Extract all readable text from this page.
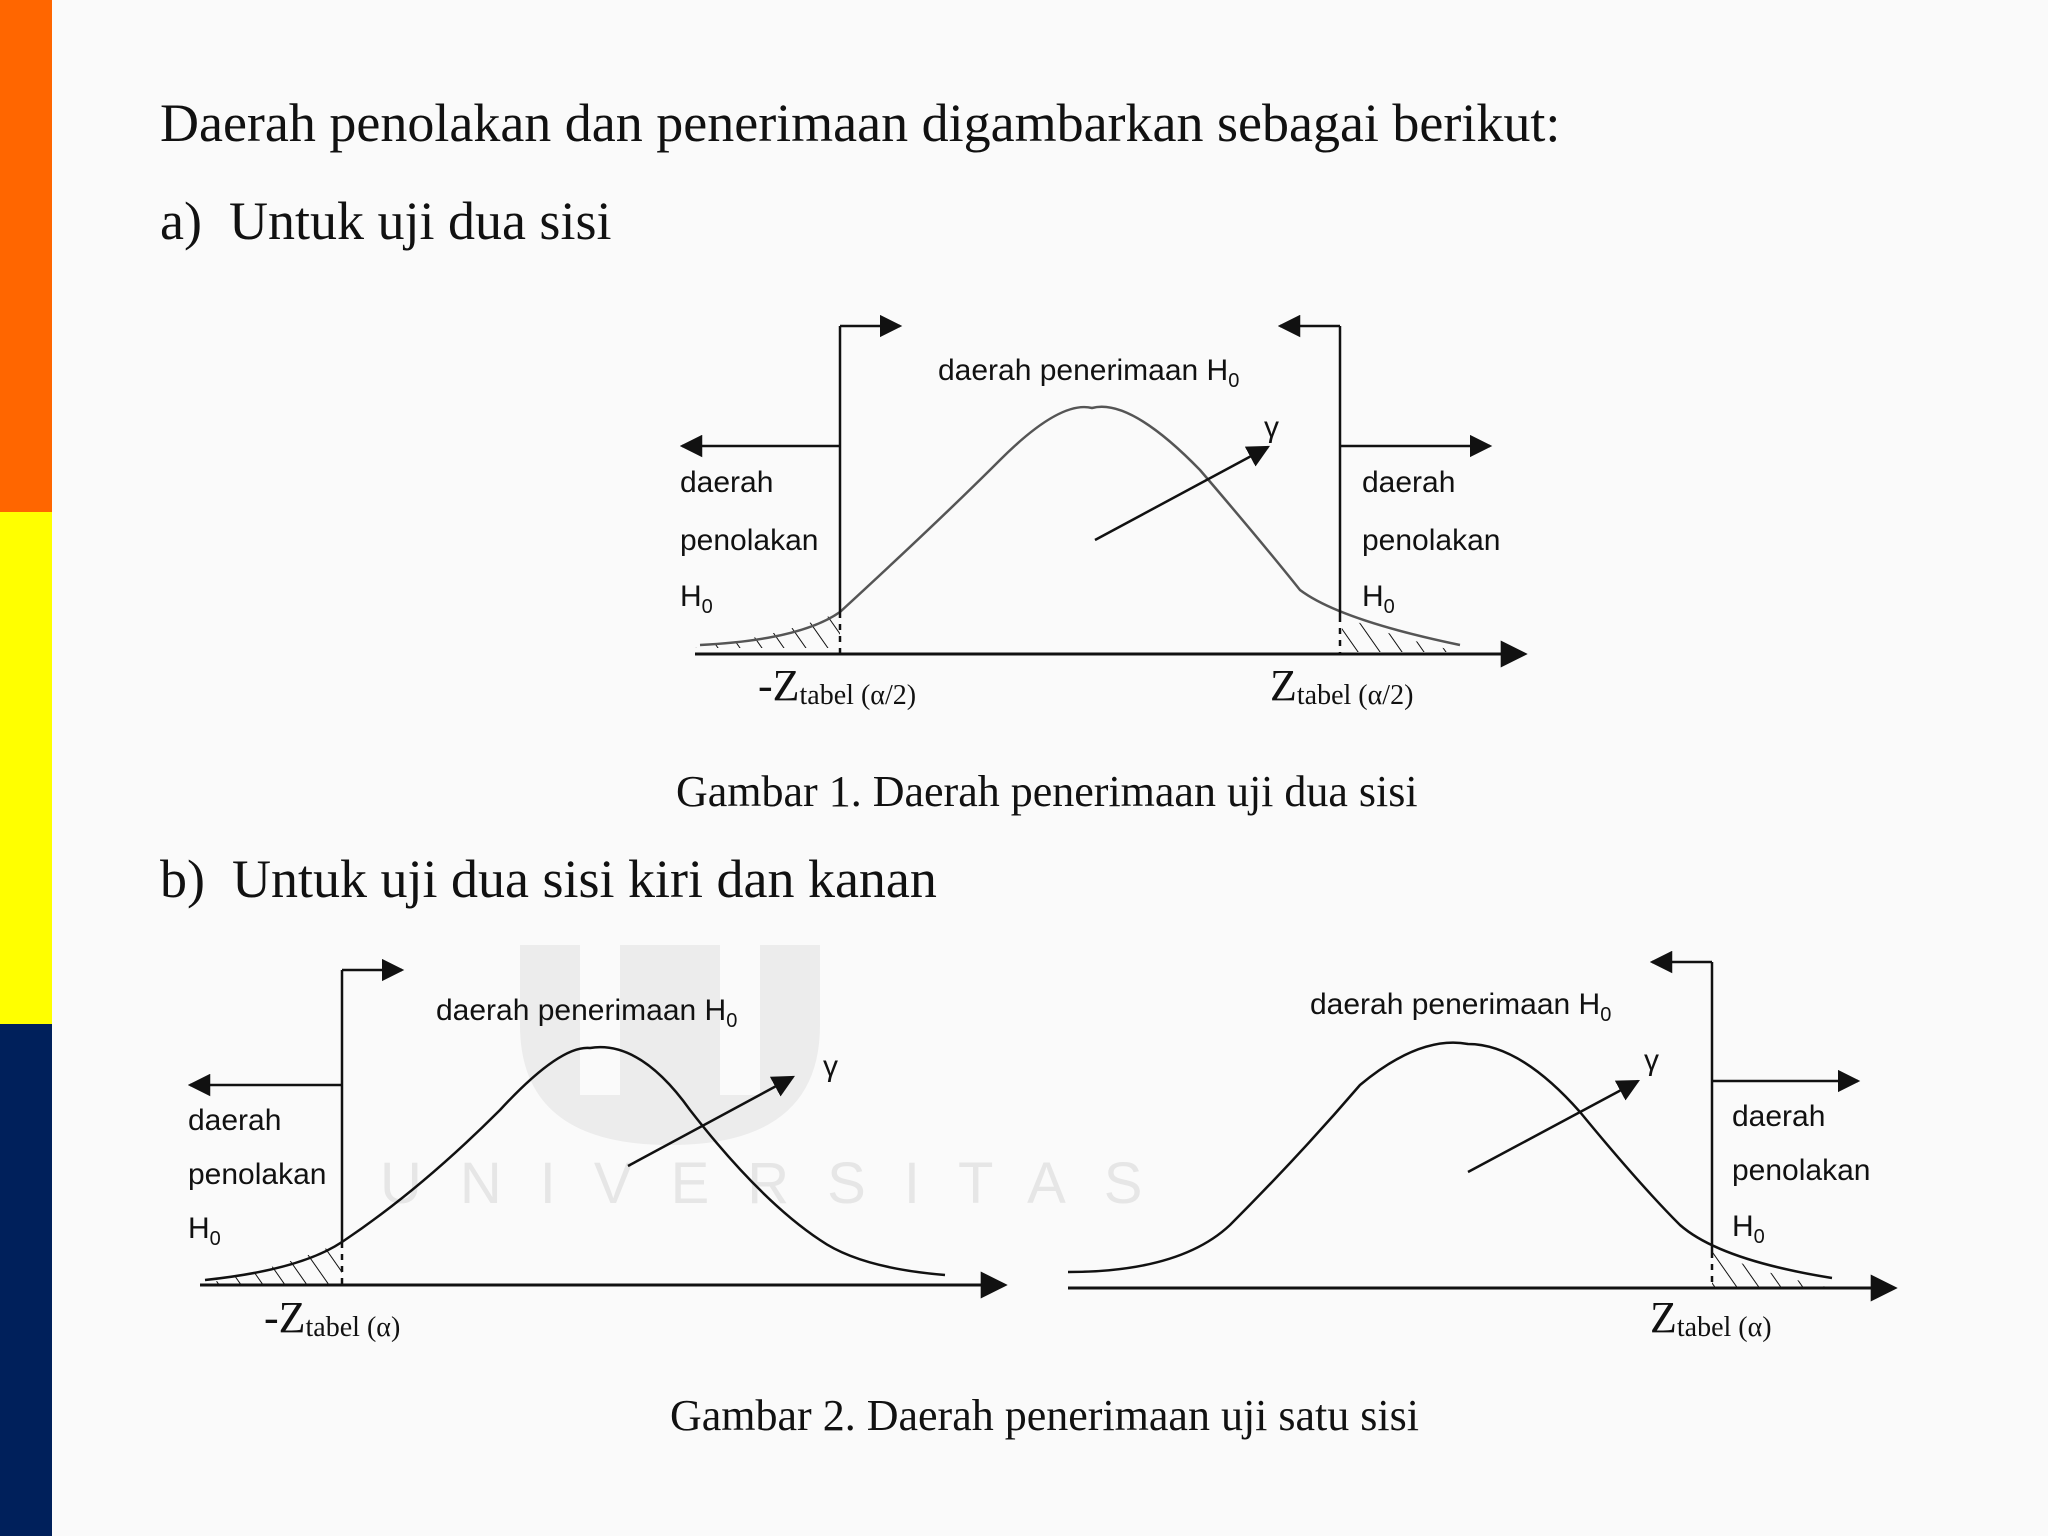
UNIVERSITAS
Daerah penolakan dan penerimaan digambarkan sebagai berikut:
a) Untuk uji dua sisi
b) Untuk uji dua sisi kiri dan kanan
Gambar 1. Daerah penerimaan uji dua sisi
Gambar 2. Daerah penerimaan uji satu sisi
daerah penerimaan $H_0$
γ
daerah
penolakan
$H_0$
daerah
penolakan
$H_0$
-Ztabel (α/2)	Ztabel (α/2)
daerah penerimaan $H_0$
γ
daerah
penolakan
$H_0$
-Ztabel (α)
daerah penerimaan $H_0$
γ
daerah
penolakan
$H_0$
Ztabel (α)
